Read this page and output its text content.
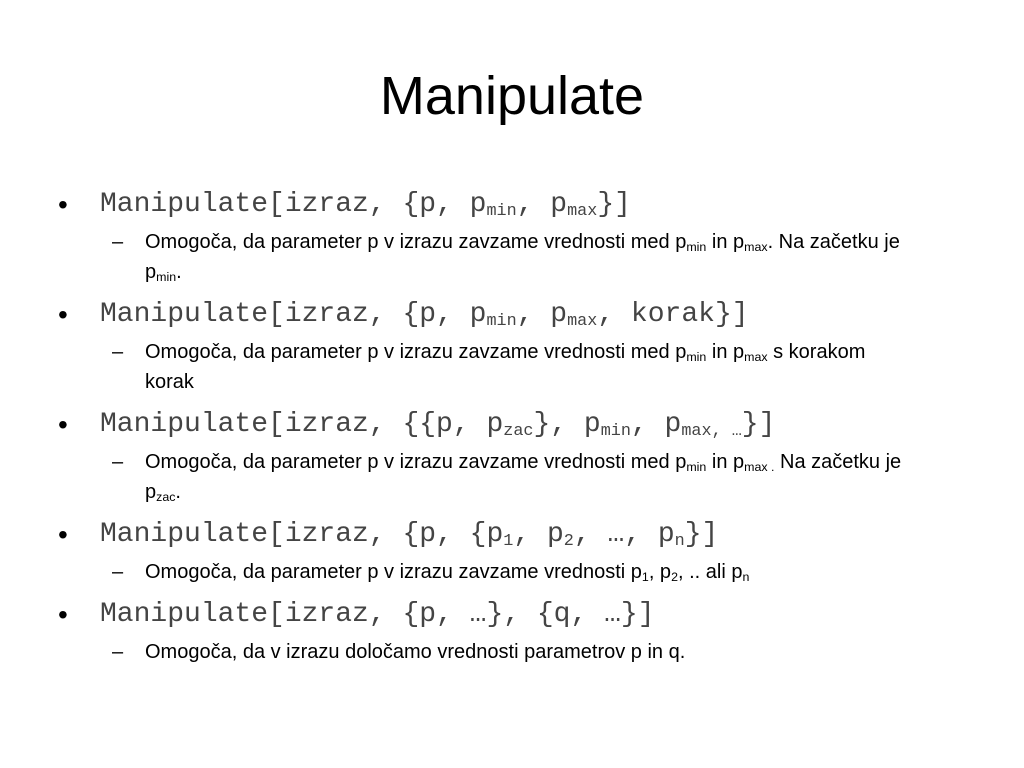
Manipulate
• Manipulate[izraz, {p, $p_{min}$, $p_{max}$}]
– Omogoča, da parameter p v izrazu zavzame vrednosti med $p_{min}$ in $p_{max}$. Na začetku je $p_{min}$.
• Manipulate[izraz, {p, $p_{min}$, $p_{max}$, korak}]
– Omogoča, da parameter p v izrazu zavzame vrednosti med $p_{min}$ in $p_{max}$ s korakom korak
• Manipulate[izraz, {{p, $p_{zac}$}, $p_{min}$, $p_{max, \dots}$}]
– Omogoča, da parameter p v izrazu zavzame vrednosti med $p_{min}$ in $p_{max .}$ Na začetku je $p_{zac}$.
• Manipulate[izraz, {p, {$p_1$, $p_2$, …, $p_n$}]
– Omogoča, da parameter p v izrazu zavzame vrednosti $p_1$, $p_2$, .. ali $p_n$
• Manipulate[izraz, {p, …}, {q, …}]
– Omogoča, da v izrazu določamo vrednosti parametrov p in q.
